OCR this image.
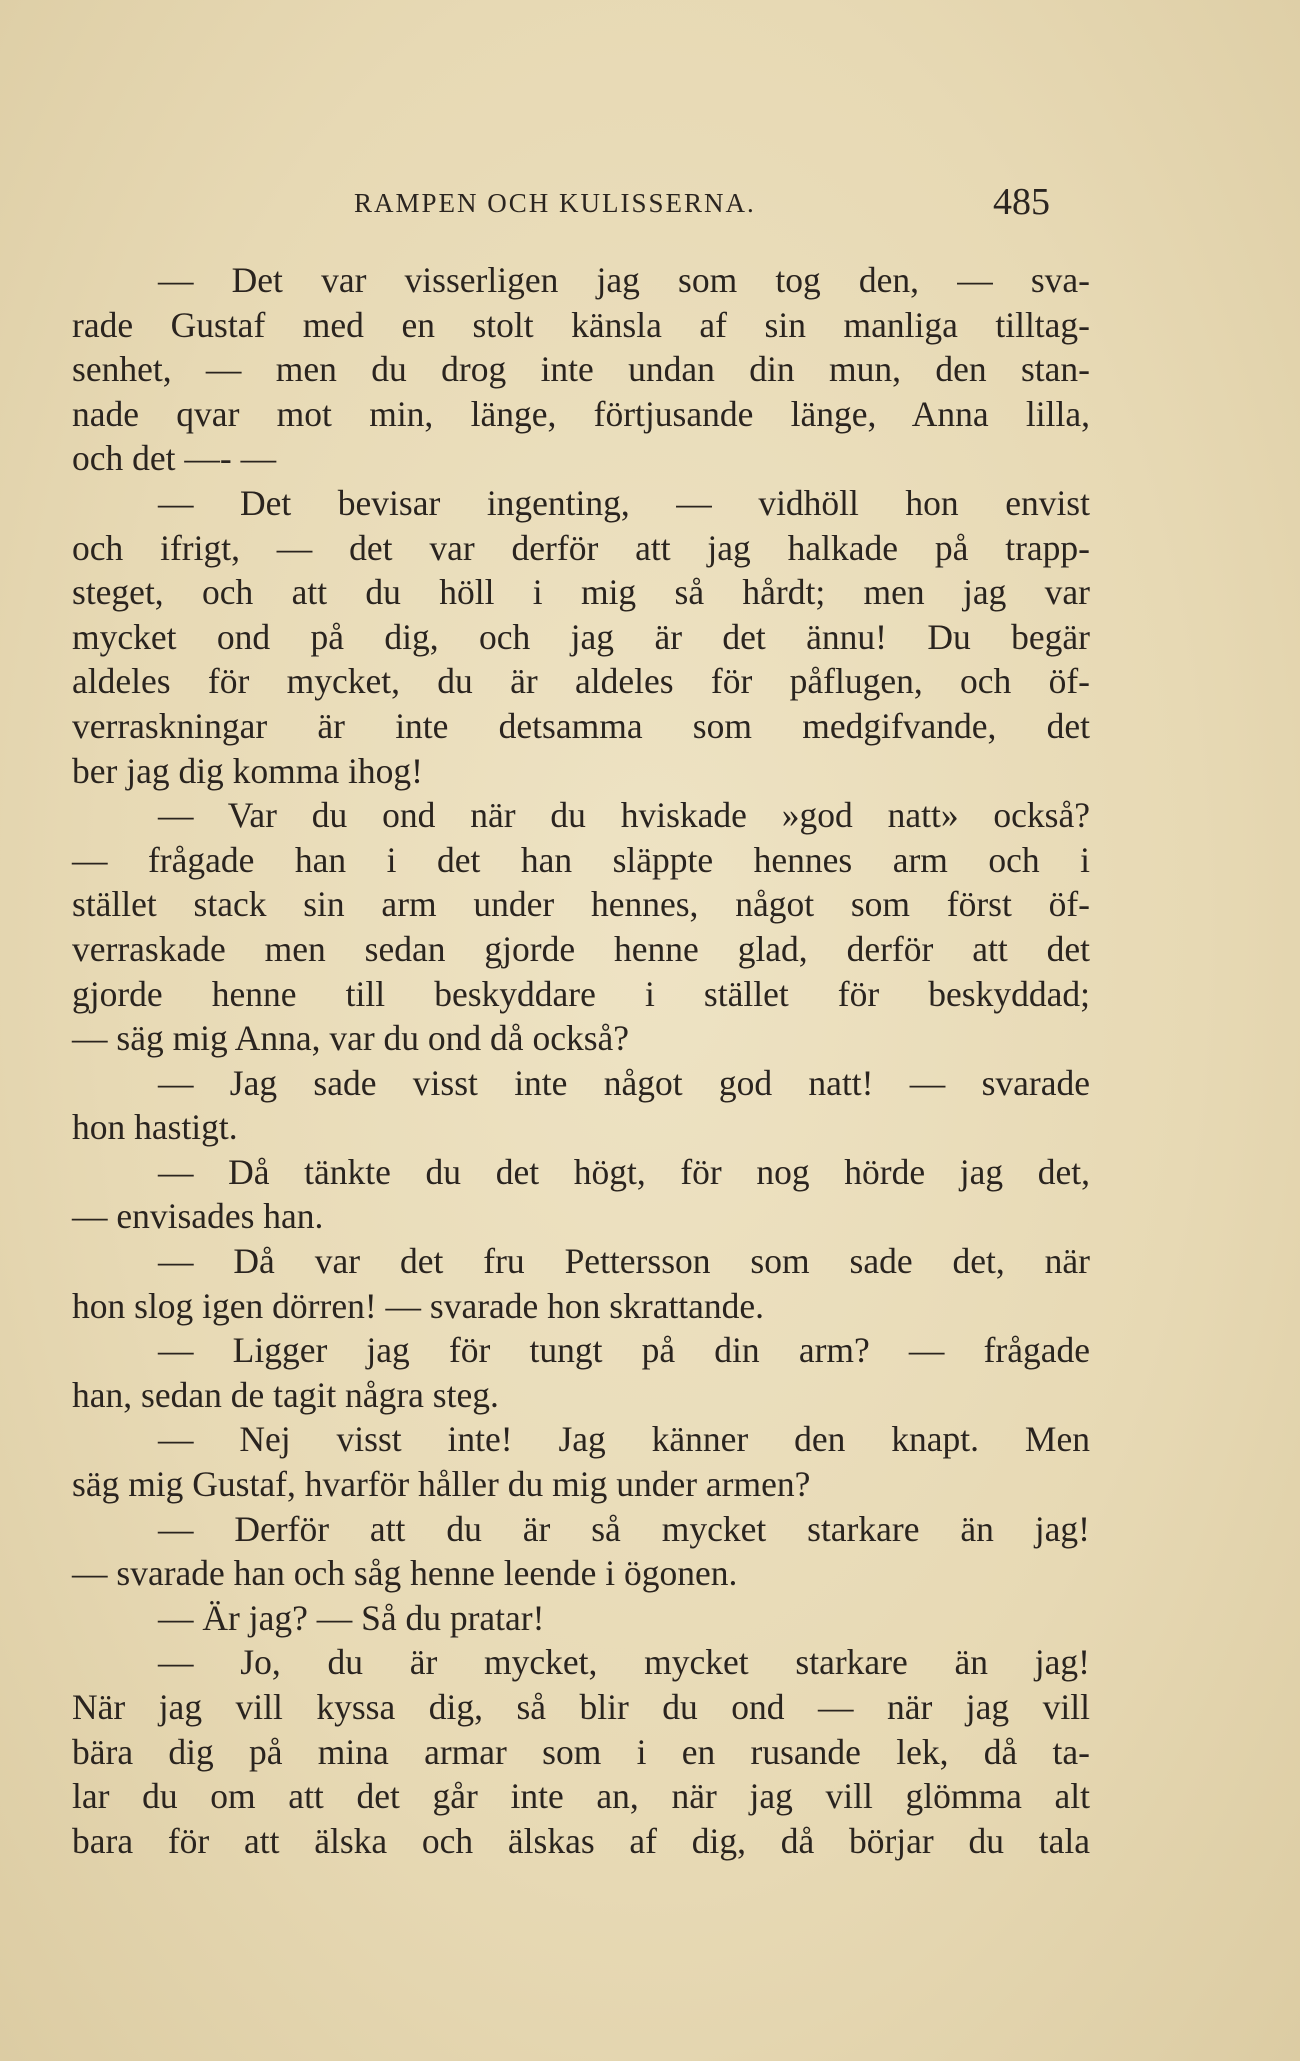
RAMPEN OCH KULISSERNA.	485
— Det var visserligen jag som tog den, — sva-
rade Gustaf med en stolt känsla af sin manliga tilltag-
senhet, — men du drog inte undan din mun, den stan-
nade qvar mot min, länge, förtjusande länge, Anna lilla,
och det —- —
— Det bevisar ingenting, — vidhöll hon envist
och ifrigt, — det var derför att jag halkade på trapp-
steget, och att du höll i mig så hårdt; men jag var
mycket ond på dig, och jag är det ännu! Du begär
aldeles för mycket, du är aldeles för påflugen, och öf-
verraskningar är inte detsamma som medgifvande, det
ber jag dig komma ihog!
— Var du ond när du hviskade »god natt» också?
— frågade han i det han släppte hennes arm och i
stället stack sin arm under hennes, något som först öf-
verraskade men sedan gjorde henne glad, derför att det
gjorde henne till beskyddare i stället för beskyddad;
— säg mig Anna, var du ond då också?
— Jag sade visst inte något god natt! — svarade
hon hastigt.
— Då tänkte du det högt, för nog hörde jag det,
— envisades han.
— Då var det fru Pettersson som sade det, när
hon slog igen dörren! — svarade hon skrattande.
— Ligger jag för tungt på din arm? — frågade
han, sedan de tagit några steg.
— Nej visst inte! Jag känner den knapt. Men
säg mig Gustaf, hvarför håller du mig under armen?
— Derför att du är så mycket starkare än jag!
— svarade han och såg henne leende i ögonen.
— Är jag? — Så du pratar!
— Jo, du är mycket, mycket starkare än jag!
När jag vill kyssa dig, så blir du ond — när jag vill
bära dig på mina armar som i en rusande lek, då ta-
lar du om att det går inte an, när jag vill glömma alt
bara för att älska och älskas af dig, då börjar du tala
